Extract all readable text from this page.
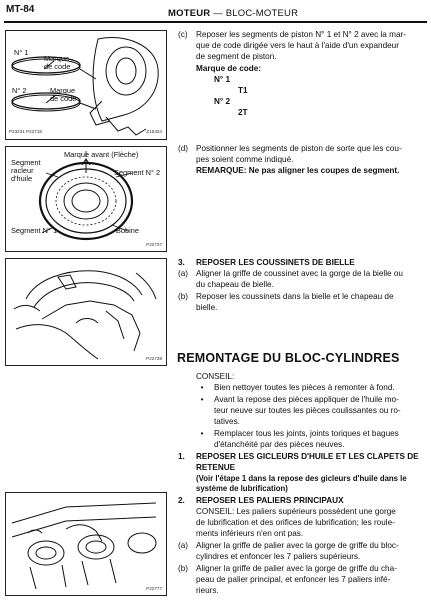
MT-84	MOTEUR — BLOC-MOTEUR
N° 1
Marque
de code
N° 2	Marque
de code
P23231 P22718	Z15324
Segment
racleur
d'huile
Marque avant (Flèche)
Segment N° 2
Segment N° 1	Bobine
P22737
P22738
P22777
(c)	Reposer les segments de piston N° 1 et N° 2 avec la mar-
que de code dirigée vers le haut à l'aide d'un expandeur
de segment de piston.
Marque de code:
N° 1
T1
N° 2
2T
(d) Positionner les segments de piston de sorte que les cou-
pes soient comme indiqué.
REMARQUE: Ne pas aligner les coupes de segment.
3.	REPOSER LES COUSSINETS DE BIELLE
(a) Aligner la griffe de coussinet avec la gorge de la bielle ou
du chapeau de bielle.
(b) Reposer les coussinets dans la bielle et le chapeau de
bielle.
REMONTAGE DU BLOC-CYLINDRES
CONSEIL:
•	Bien nettoyer toutes les pièces à remonter à fond.
•	Avant la repose des pièces appliquer de l'huile mo-
teur neuve sur toutes les pièces coulissantes ou ro-
tatives.
•	Remplacer tous les joints, joints toriques et bagues
d'étanchéité par des pièces neuves.
1.	REPOSER LES GICLEURS D'HUILE ET LES CLAPETS DE
RETENUE
(Voir l'étape 1 dans la repose des gicleurs d'huile dans le
système de lubrification)
2.	REPOSER LES PALIERS PRINCIPAUX
CONSEIL: Les paliers supérieurs possèdent une gorge
de lubrification et des orifices de lubrification; les roule-
ments inférieurs n'en ont pas.
(a) Aligner la griffe de palier avec la gorge de griffe du bloc-
cylindres et enfoncer les 7 paliers supérieurs.
(b) Aligner la griffe de palier avec la gorge de griffe du cha-
peau de palier principal, et enfoncer les 7 paliers infé-
rieurs.
